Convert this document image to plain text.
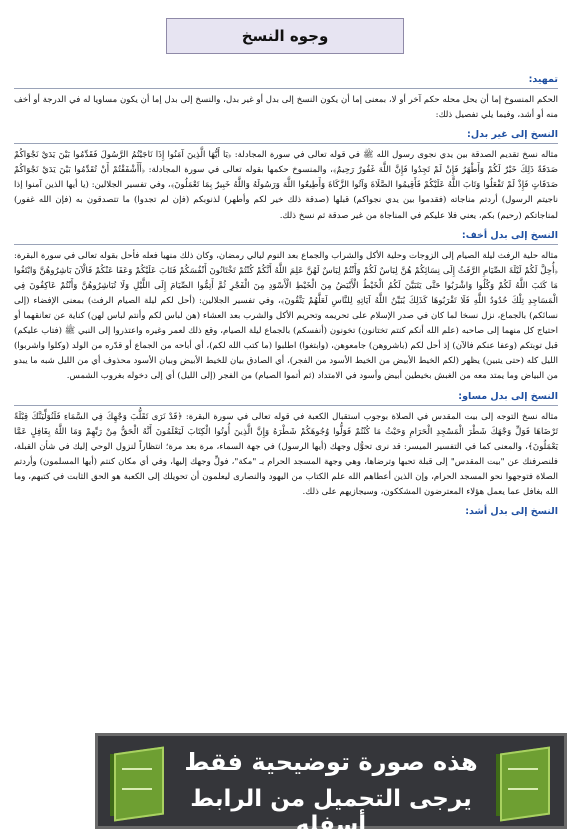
وجوه النسخ
تمهيد:

الحكم المنسوخ إما أن يحل محله حكم آخر أو لا، بمعنى إما أن يكون النسخ إلى بدل أو غير بدل، والنسخ إلى بدل إما أن يكون مساويا له في الدرجة أو أخف منه أو أشد، وفيما يلي تفصيل ذلك:

النسخ إلى غير بدل:

مثاله نسخ تقديم الصدقة بين يدي نجوى رسول الله ﷺ في قوله تعالى في سورة المجادلة: ﴿يَا أَيُّهَا الَّذِينَ آمَنُوا إِذَا نَاجَيْتُمُ الرَّسُولَ فَقَدِّمُوا بَيْنَ يَدَيْ نَجْوَاكُمْ صَدَقَةً ذَلِكَ خَيْرٌ لَكُمْ وَأَطْهَرُ فَإِنْ لَمْ تَجِدُوا فَإِنَّ اللَّهَ غَفُورٌ رَحِيمٌ﴾، والمنسوخ حكمها بقوله تعالى في سورة المجادلة: ﴿أَأَشْفَقْتُمْ أَنْ تُقَدِّمُوا بَيْنَ يَدَيْ نَجْوَاكُمْ صَدَقَاتٍ فَإِذْ لَمْ تَفْعَلُوا وَتَابَ اللَّهُ عَلَيْكُمْ فَأَقِيمُوا الصَّلَاةَ وَآتُوا الزَّكَاةَ وَأَطِيعُوا اللَّهَ وَرَسُولَهُ وَاللَّهُ خَبِيرٌ بِمَا تَعْمَلُونَ﴾، وفي تفسير الجلالين: (يا أيها الذين آمنوا إذا ناجيتم الرسول) أردتم مناجاته (فقدموا بين يدي نجواكم) قبلها (صدقة ذلك خير لكم وأطهر) لذنوبكم (فإن لم تجدوا) ما تتصدقون به (فإن الله غفور) لمناجاتكم (رحيم) بكم، يعني فلا عليكم في المناجاة من غير صدقة ثم نسخ ذلك.

النسخ إلى بدل أخف:

مثاله حلية الرفث ليلة الصيام إلى الزوجات وحلية الأكل والشراب والجماع بعد النوم ليالي رمضان، وكان ذلك منهيا فعله فأحل بقوله تعالى في سورة البقرة: ﴿أُحِلَّ لَكُمْ لَيْلَةَ الصِّيَامِ الرَّفَثُ إِلَى نِسَائِكُمْ هُنَّ لِبَاسٌ لَكُمْ وَأَنْتُمْ لِبَاسٌ لَهُنَّ عَلِمَ اللَّهُ أَنَّكُمْ كُنْتُمْ تَخْتَانُونَ أَنْفُسَكُمْ فَتَابَ عَلَيْكُمْ وَعَفَا عَنْكُمْ فَالْآنَ بَاشِرُوهُنَّ وَابْتَغُوا مَا كَتَبَ اللَّهُ لَكُمْ وَكُلُوا وَاشْرَبُوا حَتَّى يَتَبَيَّنَ لَكُمُ الْخَيْطُ الْأَبْيَضُ مِنَ الْخَيْطِ الْأَسْوَدِ مِنَ الْفَجْرِ ثُمَّ أَتِمُّوا الصِّيَامَ إِلَى اللَّيْلِ وَلَا تُبَاشِرُوهُنَّ وَأَنْتُمْ عَاكِفُونَ فِي الْمَسَاجِدِ تِلْكَ حُدُودُ اللَّهِ فَلَا تَقْرَبُوهَا كَذَلِكَ يُبَيِّنُ اللَّهُ آيَاتِهِ لِلنَّاسِ لَعَلَّهُمْ يَتَّقُونَ﴾، وفي تفسير الجلالين: (أحل لكم ليلة الصيام الرفث) بمعنى الإفضاء (إلى نسائكم) بالجماع، نزل نسخا لما كان في صدر الإسلام على تحريمه وتحريم الأكل والشرب بعد العشاء (هن لباس لكم وأنتم لباس لهن) كناية عن تعانقهما أو احتياج كل منهما إلى صاحبه (علم الله أنكم كنتم تختانون) تخونون (أنفسكم) بالجماع ليلة الصيام، وقع ذلك لعمر وغيره واعتذروا إلى النبي ﷺ (فتاب عليكم) قبل توبتكم (وعفا عنكم فالآن) إذ أحل لكم (باشروهن) جامعوهن، (وابتغوا) اطلبوا (ما كتب الله لكم)، أي أباحه من الجماع أو قدّره من الولد (وكلوا واشربوا) الليل كله (حتى يتبين) يظهر (لكم الخيط الأبيض من الخيط الأسود من الفجر)، أي الصادق بيان للخيط الأبيض وبيان الأسود محذوف أي من الليل شبه ما يبدو من البياض وما يمتد معه من الغبش بخيطين أبيض وأسود في الامتداد (ثم أتموا الصيام) من الفجر (إلى الليل) أي إلى دخوله بغروب الشمس.

النسخ إلى بدل مساو:

مثاله نسخ التوجه إلى بيت المقدس في الصلاة بوجوب استقبال الكعبة في قوله تعالى في سورة البقرة: ﴿قَدْ نَرَى تَقَلُّبَ وَجْهِكَ فِي السَّمَاءِ فَلَنُوَلِّيَنَّكَ قِبْلَةً تَرْضَاهَا فَوَلِّ وَجْهَكَ شَطْرَ الْمَسْجِدِ الْحَرَامِ وَحَيْثُ مَا كُنْتُمْ فَوَلُّوا وُجُوهَكُمْ شَطْرَهُ وَإِنَّ الَّذِينَ أُوتُوا الْكِتَابَ لَيَعْلَمُونَ أَنَّهُ الْحَقُّ مِنْ رَبِّهِمْ وَمَا اللَّهُ بِغَافِلٍ عَمَّا يَعْمَلُونَ﴾، والمعنى كما في التفسير الميسر: قد نرى تحوُّل وجهك (أيها الرسول) في جهة السماء، مرة بعد مرة؛ انتظاراً لنزول الوحي إليك في شأن القبلة، فلنصرفنك عن "بيت المقدس" إلى قبلة تحبها وترضاها، وهي وجهة المسجد الحرام بـ "مكة"، فولِّ وجهك إليها، وفي أي مكان كنتم (أيها المسلمون) وأردتم الصلاة فتوجهوا نحو المسجد الحرام، وإن الذين أعطاهم الله علم الكتاب من اليهود والنصارى ليعلمون أن تحويلك إلى الكعبة هو الحق الثابت في كتبهم، وما الله بغافل عما يعمل هؤلاء المعترضون المشككون، وسيجازيهم على ذلك.

النسخ إلى بدل أشد:
هذه صورة توضيحية فقط
يرجى التحميل من الرابط أسفله
